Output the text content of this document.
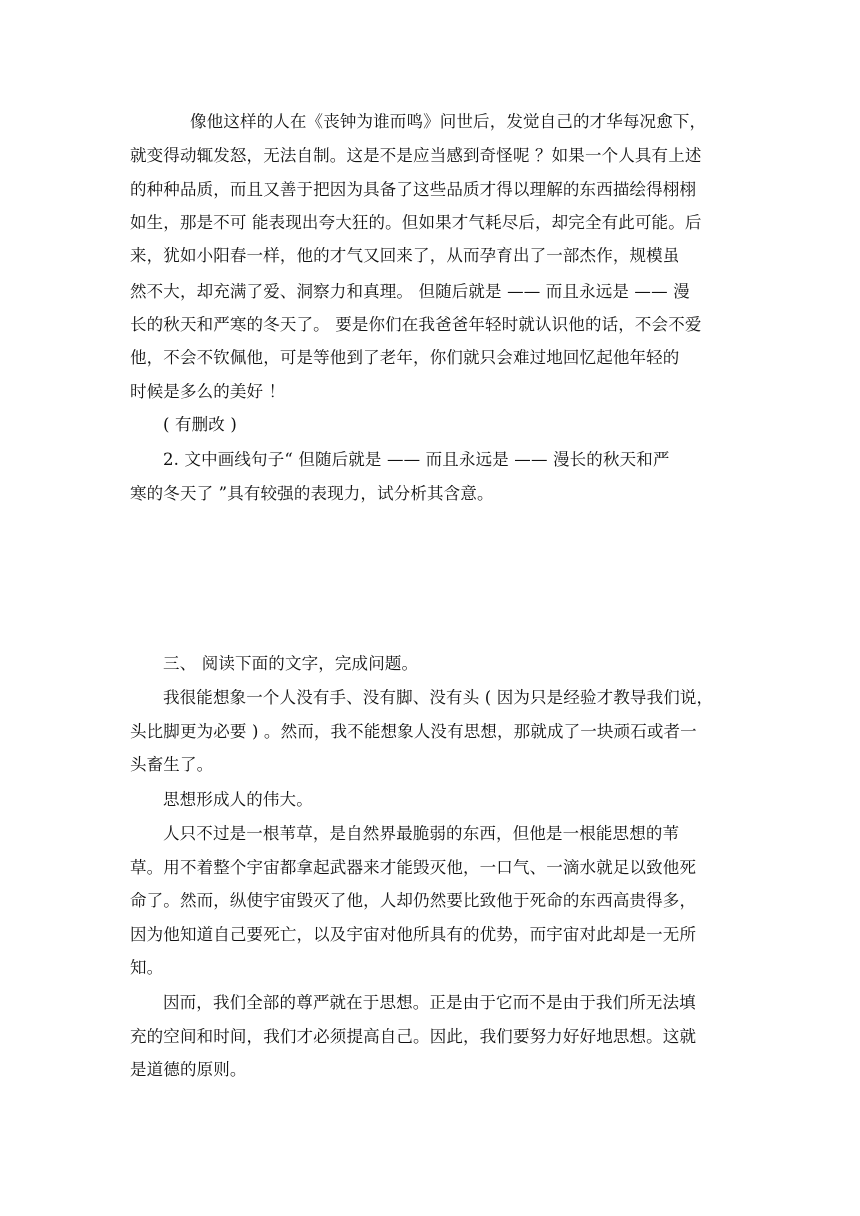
像他这样的人在《丧钟为谁而鸣》问世后，发觉自己的才华每况愈下，

就变得动辄发怒，无法自制。这是不是应当感到奇怪呢 ？如果一个人具有上述

的种种品质，而且又善于把因为具备了这些品质才得以理解的东西描绘得栩栩

如生，那是不可 能表现出夸大狂的。但如果才气耗尽后，却完全有此可能。后

来，犹如小阳春一样，他的才气又回来了，从而孕育出了一部杰作，规模虽

然不大，却充满了爱、洞察力和真理。 但随后就是 —— 而且永远是 —— 漫

长的秋天和严寒的冬天了。 要是你们在我爸爸年轻时就认识他的话，不会不爱

他，不会不钦佩他，可是等他到了老年，你们就只会难过地回忆起他年轻的

时候是多么的美好 ！

( 有删改 )

2. 文中画线句子“ 但随后就是 —— 而且永远是 —— 漫长的秋天和严

寒的冬天了 ”具有较强的表现力，试分析其含意。

三、 阅读下面的文字，完成问题。

我很能想象一个人没有手、没有脚、没有头 ( 因为只是经验才教导我们说，

头比脚更为必要 ) 。然而，我不能想象人没有思想，那就成了一块顽石或者一

头畜生了。

思想形成人的伟大。

人只不过是一根苇草，是自然界最脆弱的东西，但他是一根能思想的苇

草。用不着整个宇宙都拿起武器来才能毁灭他，一口气、一滴水就足以致他死

命了。然而，纵使宇宙毁灭了他，人却仍然要比致他于死命的东西高贵得多，

因为他知道自己要死亡，以及宇宙对他所具有的优势，而宇宙对此却是一无所

知。

因而，我们全部的尊严就在于思想。正是由于它而不是由于我们所无法填

充的空间和时间，我们才必须提高自己。因此，我们要努力好好地思想。这就

是道德的原则。
